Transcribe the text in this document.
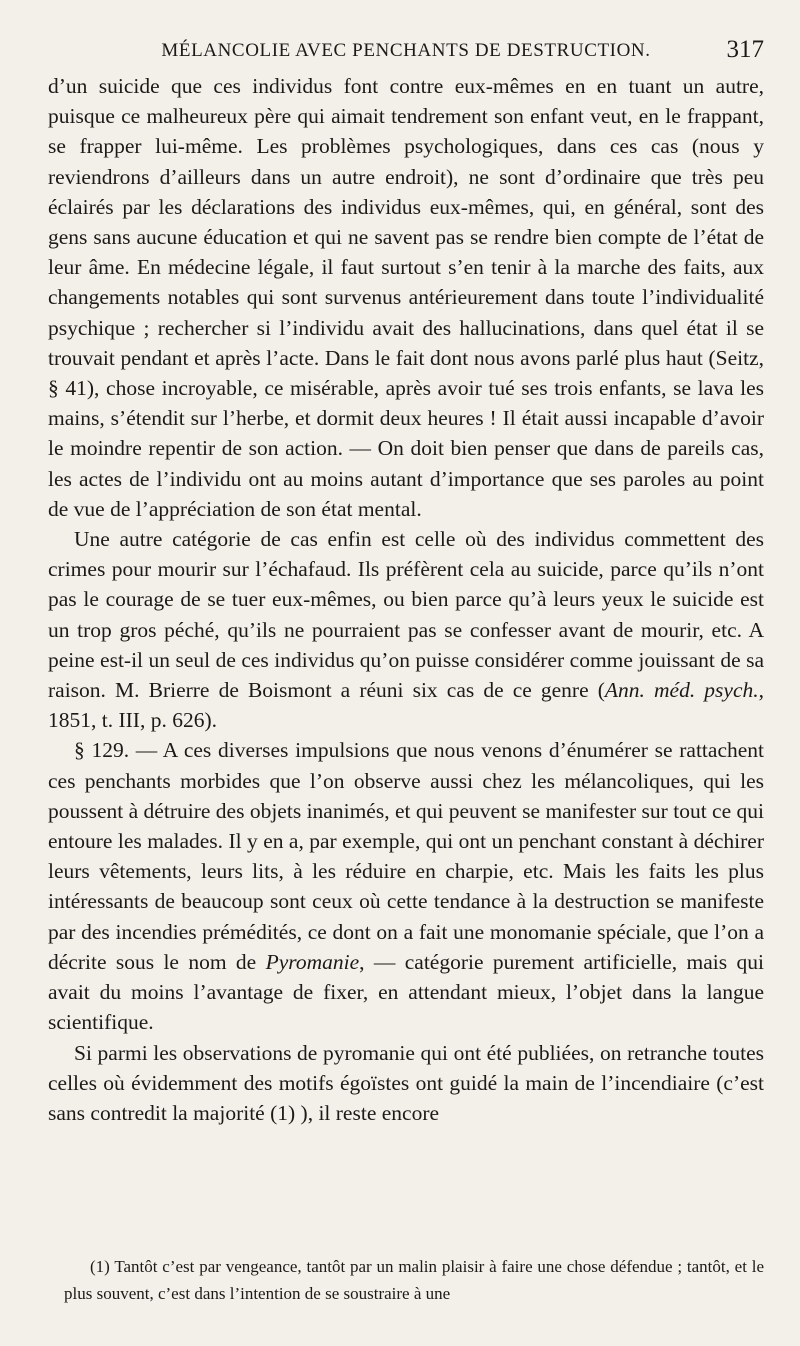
MÉLANCOLIE AVEC PENCHANTS DE DESTRUCTION.	317

d’un suicide que ces individus font contre eux-mêmes en en tuant un autre, puisque ce malheureux père qui aimait tendrement son enfant veut, en le frappant, se frapper lui-même. Les problèmes psychologiques, dans ces cas (nous y reviendrons d’ailleurs dans un autre endroit), ne sont d’ordinaire que très peu éclairés par les déclarations des individus eux-mêmes, qui, en général, sont des gens sans aucune éducation et qui ne savent pas se rendre bien compte de l’état de leur âme. En médecine légale, il faut surtout s’en tenir à la marche des faits, aux changements notables qui sont survenus antérieurement dans toute l’individualité psychique ; rechercher si l’individu avait des hallucinations, dans quel état il se trouvait pendant et après l’acte. Dans le fait dont nous avons parlé plus haut (Seitz, § 41), chose incroyable, ce misérable, après avoir tué ses trois enfants, se lava les mains, s’étendit sur l’herbe, et dormit deux heures ! Il était aussi incapable d’avoir le moindre repentir de son action. — On doit bien penser que dans de pareils cas, les actes de l’individu ont au moins autant d’importance que ses paroles au point de vue de l’appréciation de son état mental.

Une autre catégorie de cas enfin est celle où des individus commettent des crimes pour mourir sur l’échafaud. Ils préfèrent cela au suicide, parce qu’ils n’ont pas le courage de se tuer eux-mêmes, ou bien parce qu’à leurs yeux le suicide est un trop gros péché, qu’ils ne pourraient pas se confesser avant de mourir, etc. A peine est-il un seul de ces individus qu’on puisse considérer comme jouissant de sa raison. M. Brierre de Boismont a réuni six cas de ce genre (Ann. méd. psych., 1851, t. III, p. 626).

§ 129. — A ces diverses impulsions que nous venons d’énumérer se rattachent ces penchants morbides que l’on observe aussi chez les mélancoliques, qui les poussent à détruire des objets inanimés, et qui peuvent se manifester sur tout ce qui entoure les malades. Il y en a, par exemple, qui ont un penchant constant à déchirer leurs vêtements, leurs lits, à les réduire en charpie, etc. Mais les faits les plus intéressants de beaucoup sont ceux où cette tendance à la destruction se manifeste par des incendies prémédités, ce dont on a fait une monomanie spéciale, que l’on a décrite sous le nom de Pyromanie, — catégorie purement artificielle, mais qui avait du moins l’avantage de fixer, en attendant mieux, l’objet dans la langue scientifique.

Si parmi les observations de pyromanie qui ont été publiées, on retranche toutes celles où évidemment des motifs égoïstes ont guidé la main de l’incendiaire (c’est sans contredit la majorité (1) ), il reste encore

(1) Tantôt c’est par vengeance, tantôt par un malin plaisir à faire une chose défendue ; tantôt, et le plus souvent, c’est dans l’intention de se soustraire à une
